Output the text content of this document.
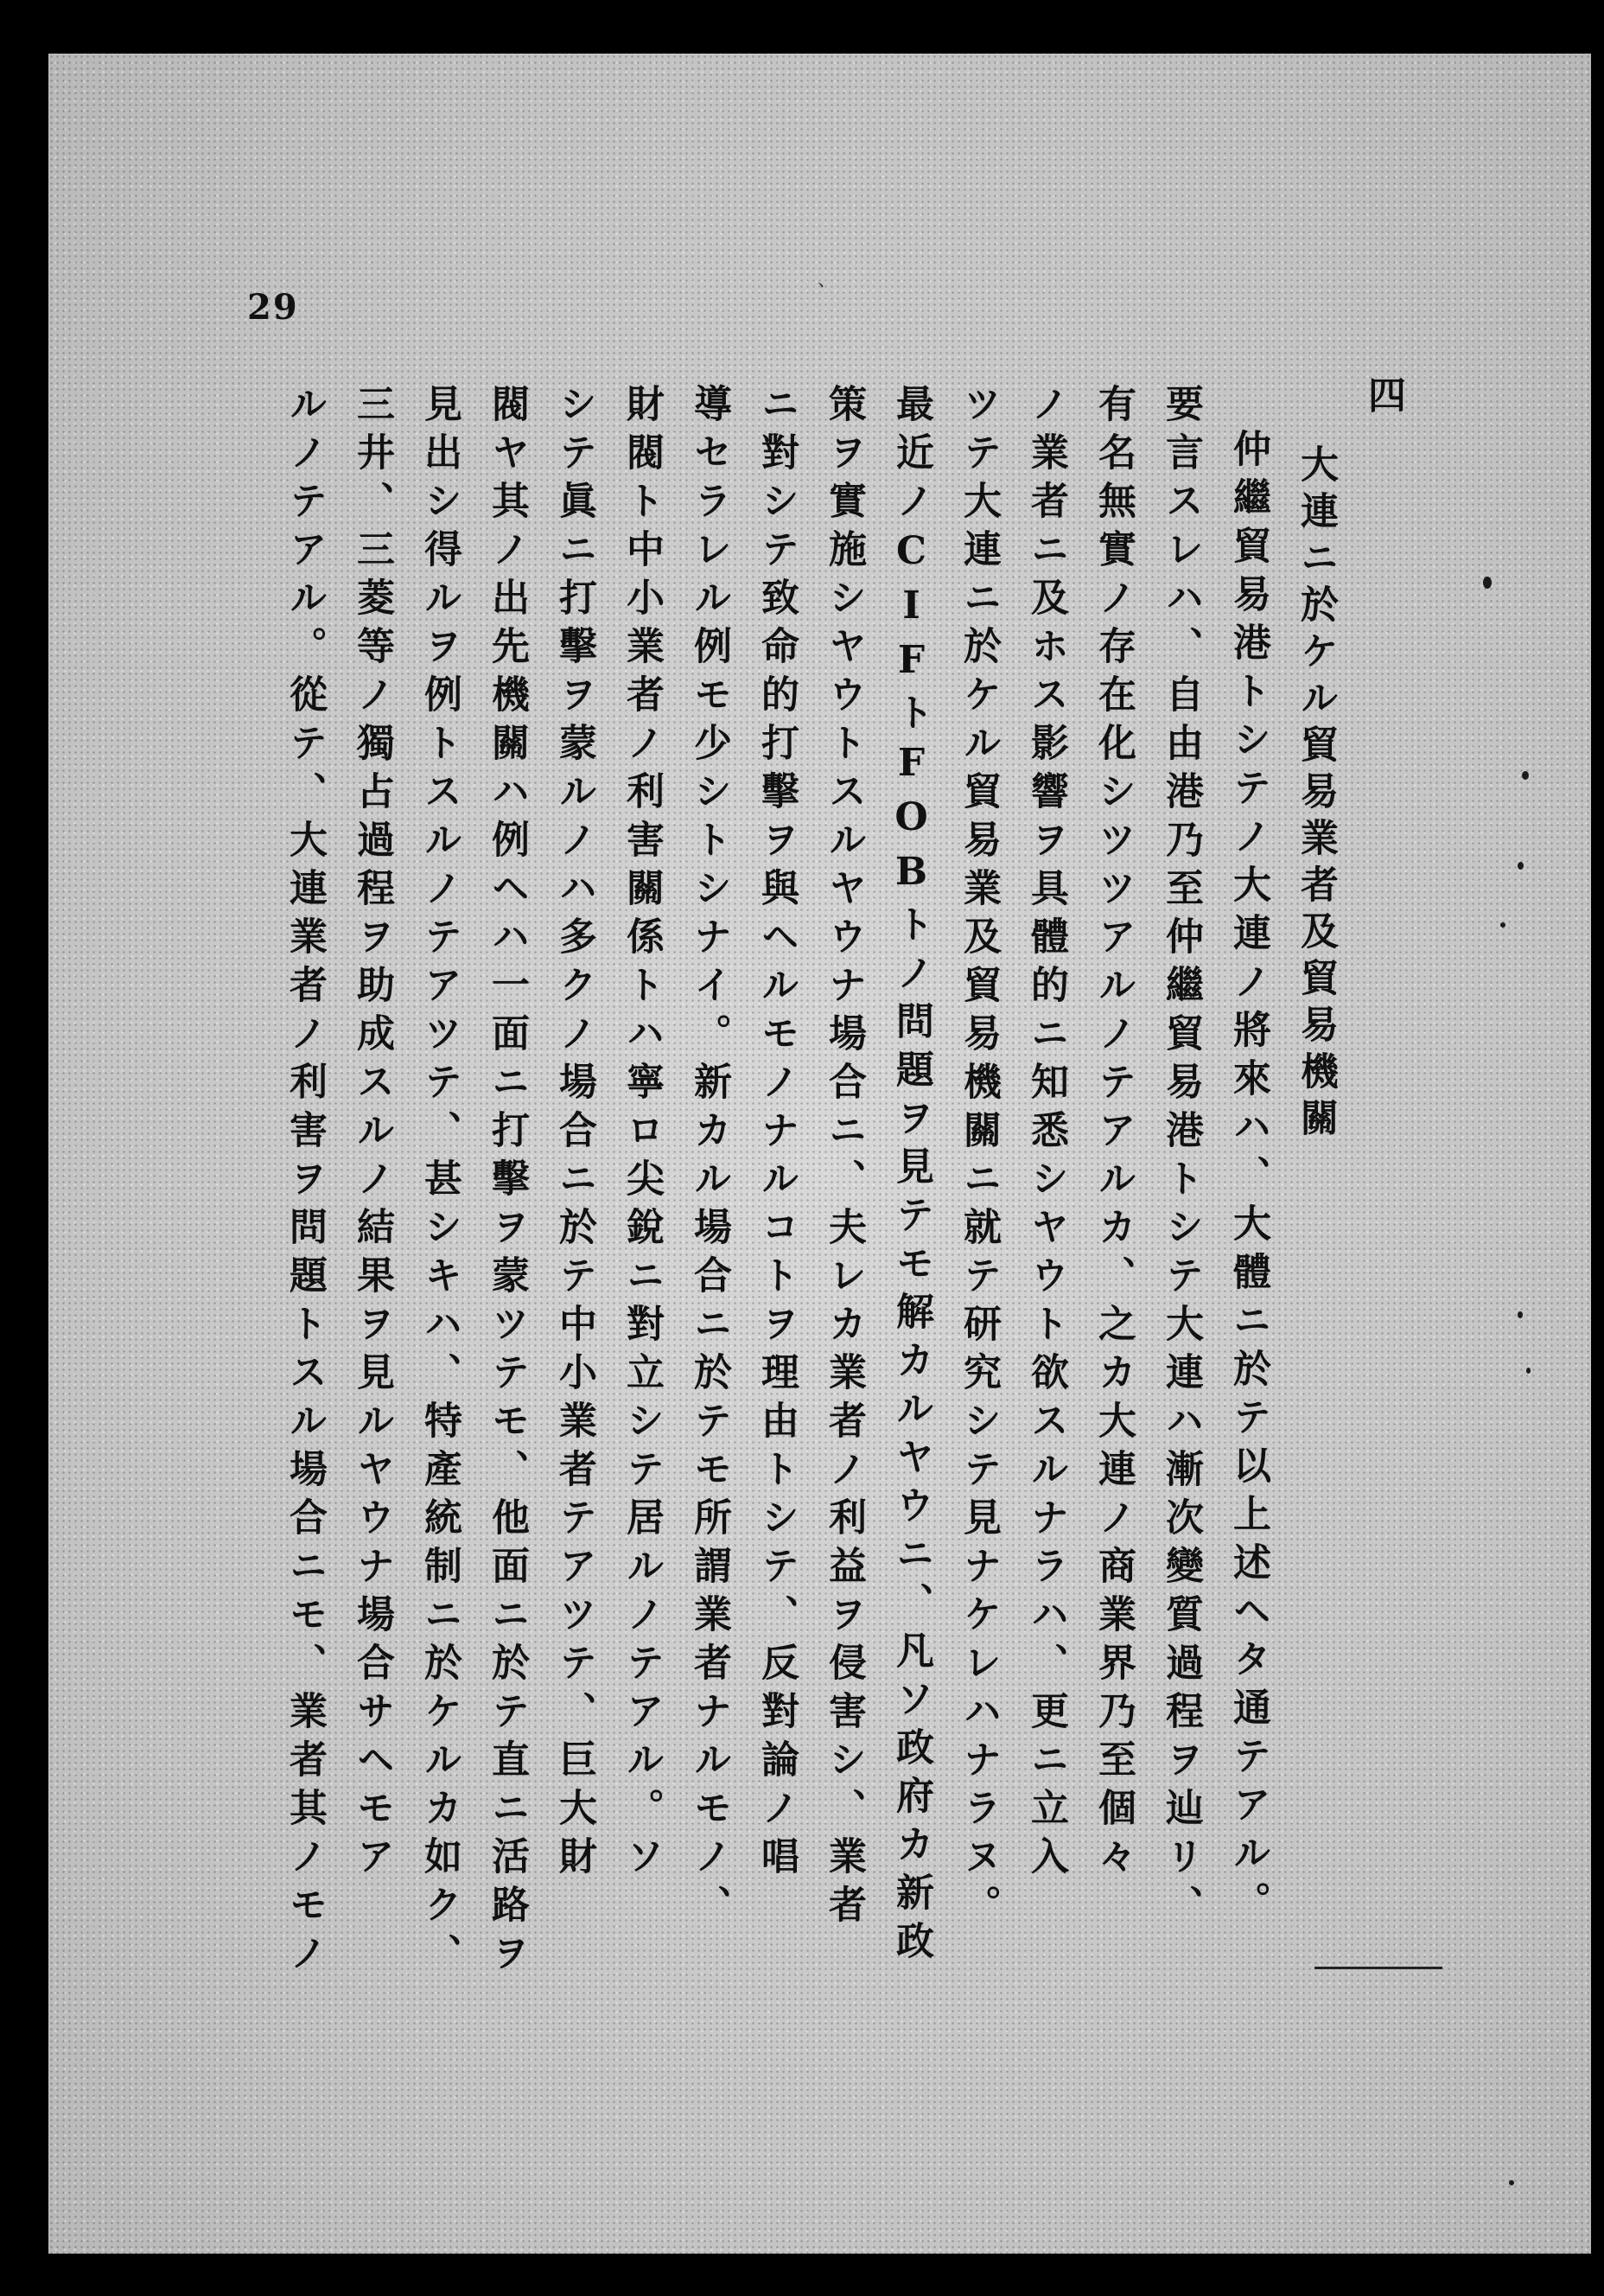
29
、
四
大連ニ於ケル貿易業者及貿易機關
仲繼貿易港トシテノ大連ノ將來ハ、大體ニ於テ以上述ヘタ通テアル。
要言スレハ、自由港乃至仲繼貿易港トシテ大連ハ漸次變質過程ヲ辿リ、
有名無實ノ存在化シツツアルノテアルカ、之カ大連ノ商業界乃至個々
ノ業者ニ及ホス影響ヲ具體的ニ知悉シヤウト欲スルナラハ、更ニ立入
ツテ大連ニ於ケル貿易業及貿易機關ニ就テ研究シテ見ナケレハナラヌ。
最近ノCIFトFOBトノ問題ヲ見テモ解カルヤウニ、凡ソ政府カ新政
策ヲ實施シヤウトスルヤウナ場合ニ、夫レカ業者ノ利益ヲ侵害シ、業者
ニ對シテ致命的打擊ヲ與ヘルモノナルコトヲ理由トシテ、反對論ノ唱
導セラレル例モ少シトシナイ。新カル場合ニ於テモ所謂業者ナルモノ、
財閥ト中小業者ノ利害關係トハ寧ロ尖銳ニ對立シテ居ルノテアル。ソ
シテ眞ニ打擊ヲ蒙ルノハ多クノ場合ニ於テ中小業者テアツテ、巨大財
閥ヤ其ノ出先機關ハ例ヘハ一面ニ打擊ヲ蒙ツテモ、他面ニ於テ直ニ活路ヲ
見出シ得ルヲ例トスルノテアツテ、甚シキハ、特產統制ニ於ケルカ如ク、
三井、三菱等ノ獨占過程ヲ助成スルノ結果ヲ見ルヤウナ場合サヘモア
ルノテアル。從テ、大連業者ノ利害ヲ問題トスル場合ニモ、業者其ノモノ
